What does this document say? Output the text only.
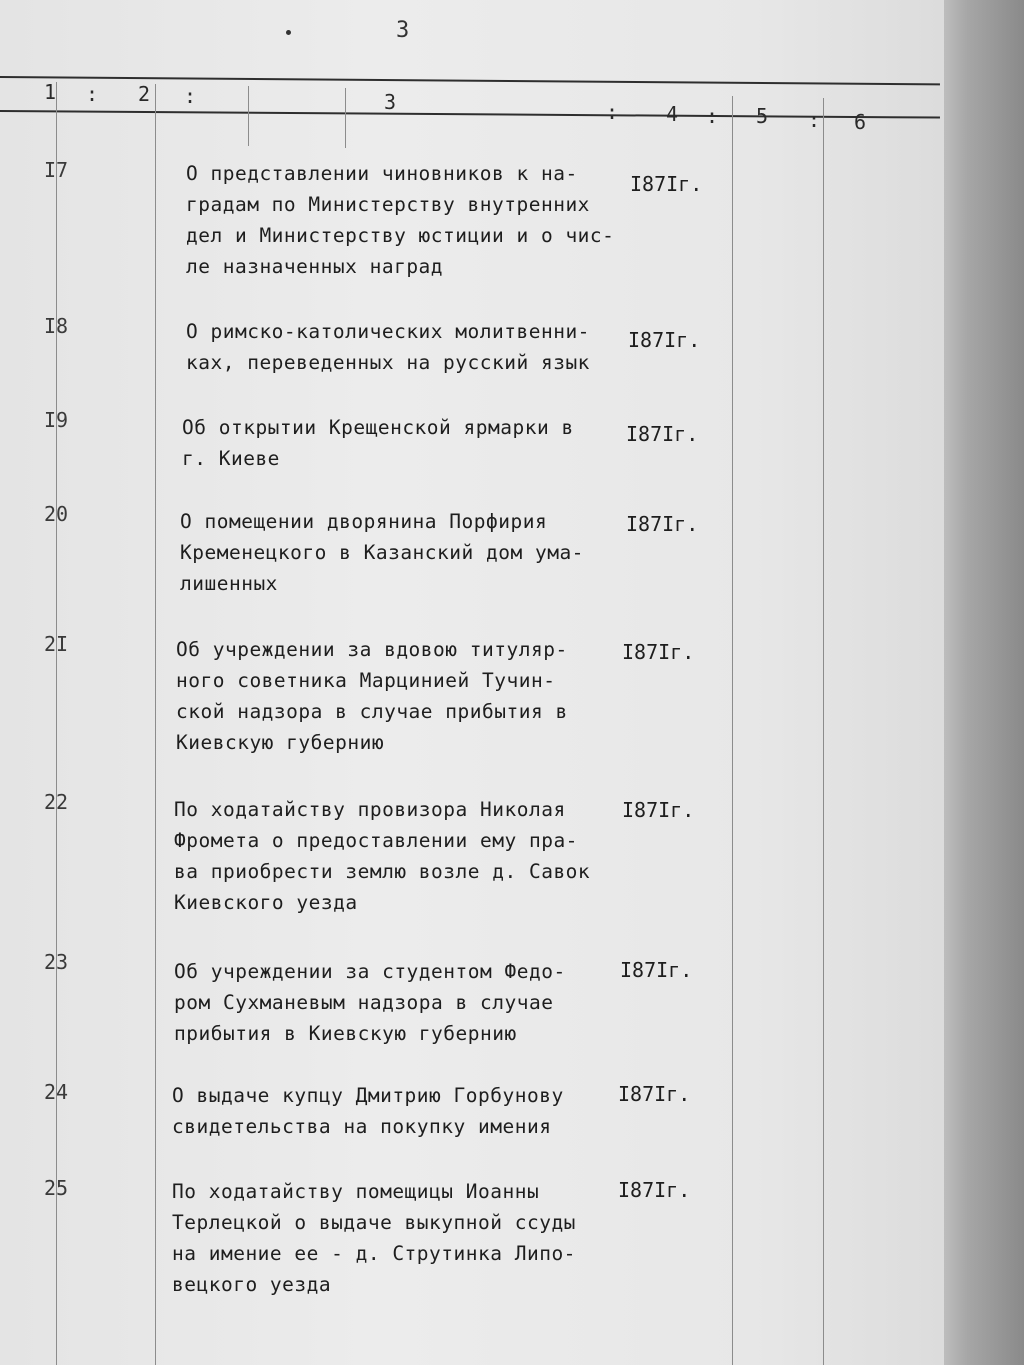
3
1 : 2 :	3	: 4 : 5 : 6
I7	О представлении чиновников к на-
градам по Министерству внутренних
дел и Министерству юстиции и о чис-
ле назначенных наград
I87Iг.
I8	О римско-католических молитвенни-
ках, переведенных на русский язык
I87Iг.
I9	Об открытии Крещенской ярмарки в
г. Киеве
I87Iг.
20	О помещении дворянина Порфирия
Кременецкого в Казанский дом ума-
лишенных
I87Iг.
2I	Об учреждении за вдовою титуляр-
ного советника Марцинией Тучин-
ской надзора в случае прибытия в
Киевскую губернию
I87Iг.
22	По ходатайству провизора Николая
Фромета о предоставлении ему пра-
ва приобрести землю возле д. Савок
Киевского уезда
I87Iг.
23	Об учреждении за студентом Федо-
ром Сухманевым надзора в случае
прибытия в Киевскую губернию
I87Iг.
24	О выдаче купцу Дмитрию Горбунову
свидетельства на покупку имения
I87Iг.
25	По ходатайству помещицы Иоанны
Терлецкой о выдаче выкупной ссуды
на имение ее - д. Струтинка Липо-
вецкого уезда
I87Iг.
